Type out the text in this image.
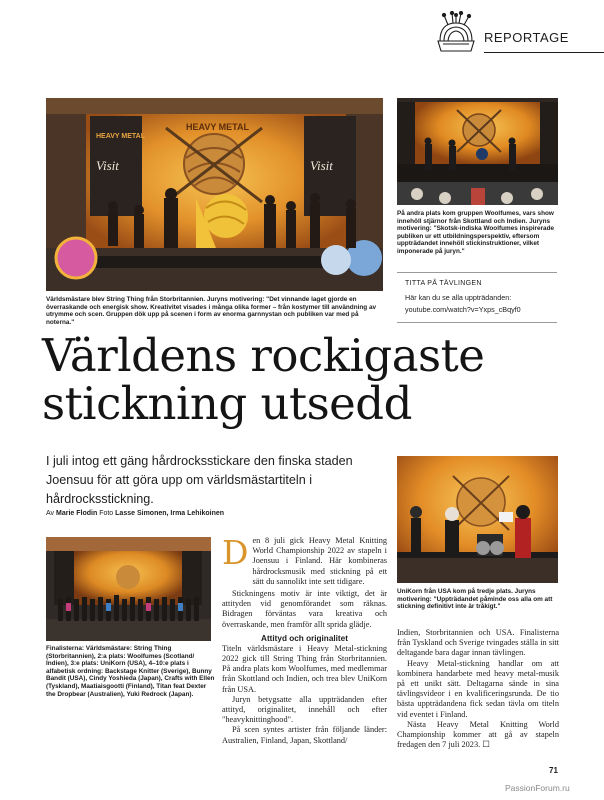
REPORTAGE
HEAVY METAL
Visit	Visit
HEAVY METAL

Världsmästare blev String Thing från Storbritannien. Juryns motivering: "Det vinnande laget gjorde en överraskande och energisk show. Kreativitet visades i många olika former – från kostymer till användning av utrymme och scen. Gruppen dök upp på scenen i form av enorma garnnystan och publiken var med på noterna."

På andra plats kom gruppen Woolfumes, vars show innehöll stjärnor från Skottland och Indien. Juryns motivering: "Skotsk-indiska Woolfumes inspirerade publiken ur ett utbildningsperspektiv, eftersom uppträdandet innehöll stickinstruktioner, vilket imponerade på juryn."

TITTA PÅ TÄVLINGEN
Här kan du se alla uppträdanden:
youtube.com/watch?v=Yxps_cBqyf0
Världens rockigaste
stickning utsedd

I juli intog ett gäng hårdrocksstickare den finska staden Joensuu för att göra upp om världsmästartiteln i hårdrocksstickning.

Av Marie Flodin Foto Lasse Simonen, Irma Lehikoinen

UniKorn från USA kom på tredje plats. Juryns motivering: "Uppträdandet påminde oss alla om att stickning definitivt inte är tråkigt."

Finalisterna: Världsmästare: String Thing (Storbritannien), 2:a plats: Woolfumes (Scotland/ Indien), 3:e plats: UniKorn (USA), 4–10:e plats i alfabetisk ordning: Backstage Knitter (Sverige), Bunny Bandit (USA), Cindy Yoshieda (Japan), Crafts with Ellen (Tyskland), Maatiaisgootti (Finland), Titan feat Dexter the Dropbear (Australien), Yuki Redrock (Japan).

D en 8 juli gick Heavy Metal Knitting World Championship 2022 av stapeln i Joensuu i Finland. Här kombineras hårdrocksmusik med stickning på ett sätt du sannolikt inte sett tidigare.

Stickningens motiv är inte viktigt, det är attityden vid genomförandet som räknas. Bidragen förväntas vara kreativa och överraskande, men framför allt sprida glädje.

Attityd och originalitet

Titeln världsmästare i Heavy Metal-stickning 2022 gick till String Thing från Storbritannien. På andra plats kom Woolfumes, med medlemmar från Skottland och Indien, och trea blev UniKorn från USA.

Juryn betygsatte alla uppträdanden efter attityd, originalitet, innehåll och efter "heavyknittinghood".

På scen syntes artister från följande länder: Australien, Finland, Japan, Skottland/

Indien, Storbritannien och USA. Finalisterna från Tyskland och Sverige tvingades ställa in sitt deltagande bara dagar innan tävlingen.

Heavy Metal-stickning handlar om att kombinera handarbete med heavy metal-musik på ett unikt sätt. Deltagarna sände in sina tävlingsvideor i en kvalificeringsrunda. De tio bästa uppträdandena fick sedan tävla om titeln vid eventet i Finland.

Nästa Heavy Metal Knitting World Championship kommer att gå av stapeln fredagen den 7 juli 2023. ☐

71
PassionForum.ru
